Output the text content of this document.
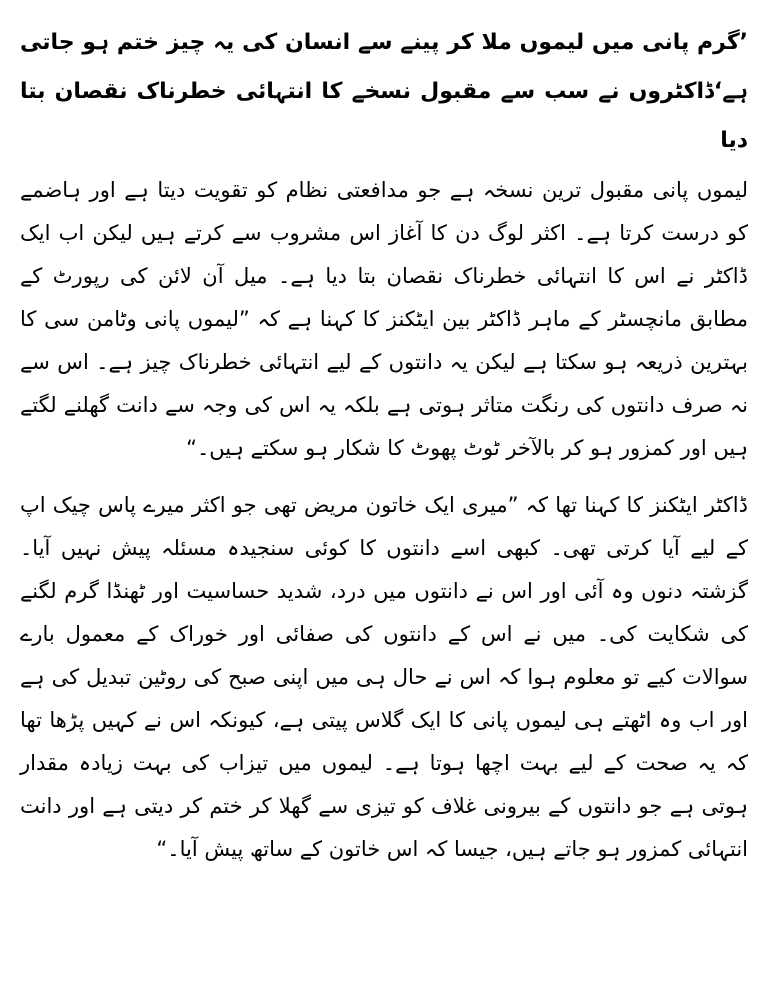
’گرم پانی میں لیموں ملا کر پینے سے انسان کی یہ چیز ختم ہو جاتی ہے‘ڈاکٹروں نے سب سے مقبول نسخے کا انتہائی خطرناک نقصان بتا دیا

لیموں پانی مقبول ترین نسخہ ہے جو مدافعتی نظام کو تقویت دیتا ہے اور ہاضمے کو درست کرتا ہے۔ اکثر لوگ دن کا آغاز اس مشروب سے کرتے ہیں لیکن اب ایک ڈاکٹر نے اس کا انتہائی خطرناک نقصان بتا دیا ہے۔ میل آن لائن کی رپورٹ کے مطابق مانچسٹر کے ماہر ڈاکٹر بین ایٹکنز کا کہنا ہے کہ ”لیموں پانی وٹامن سی کا بہترین ذریعہ ہو سکتا ہے لیکن یہ دانتوں کے لیے انتہائی خطرناک چیز ہے۔ اس سے نہ صرف دانتوں کی رنگت متاثر ہوتی ہے بلکہ یہ اس کی وجہ سے دانت گھلنے لگتے ہیں اور کمزور ہو کر بالآخر ٹوٹ پھوٹ کا شکار ہو سکتے ہیں۔“

ڈاکٹر ایٹکنز کا کہنا تھا کہ ”میری ایک خاتون مریض تھی جو اکثر میرے پاس چیک اپ کے لیے آیا کرتی تھی۔ کبھی اسے دانتوں کا کوئی سنجیدہ مسئلہ پیش نہیں آیا۔ گزشتہ دنوں وہ آئی اور اس نے دانتوں میں درد، شدید حساسیت اور ٹھنڈا گرم لگنے کی شکایت کی۔ میں نے اس کے دانتوں کی صفائی اور خوراک کے معمول بارے سوالات کیے تو معلوم ہوا کہ اس نے حال ہی میں اپنی صبح کی روٹین تبدیل کی ہے اور اب وہ اٹھتے ہی لیموں پانی کا ایک گلاس پیتی ہے، کیونکہ اس نے کہیں پڑھا تھا کہ یہ صحت کے لیے بہت اچھا ہوتا ہے۔ لیموں میں تیزاب کی بہت زیادہ مقدار ہوتی ہے جو دانتوں کے بیرونی غلاف کو تیزی سے گھلا کر ختم کر دیتی ہے اور دانت انتہائی کمزور ہو جاتے ہیں، جیسا کہ اس خاتون کے ساتھ پیش آیا۔“
